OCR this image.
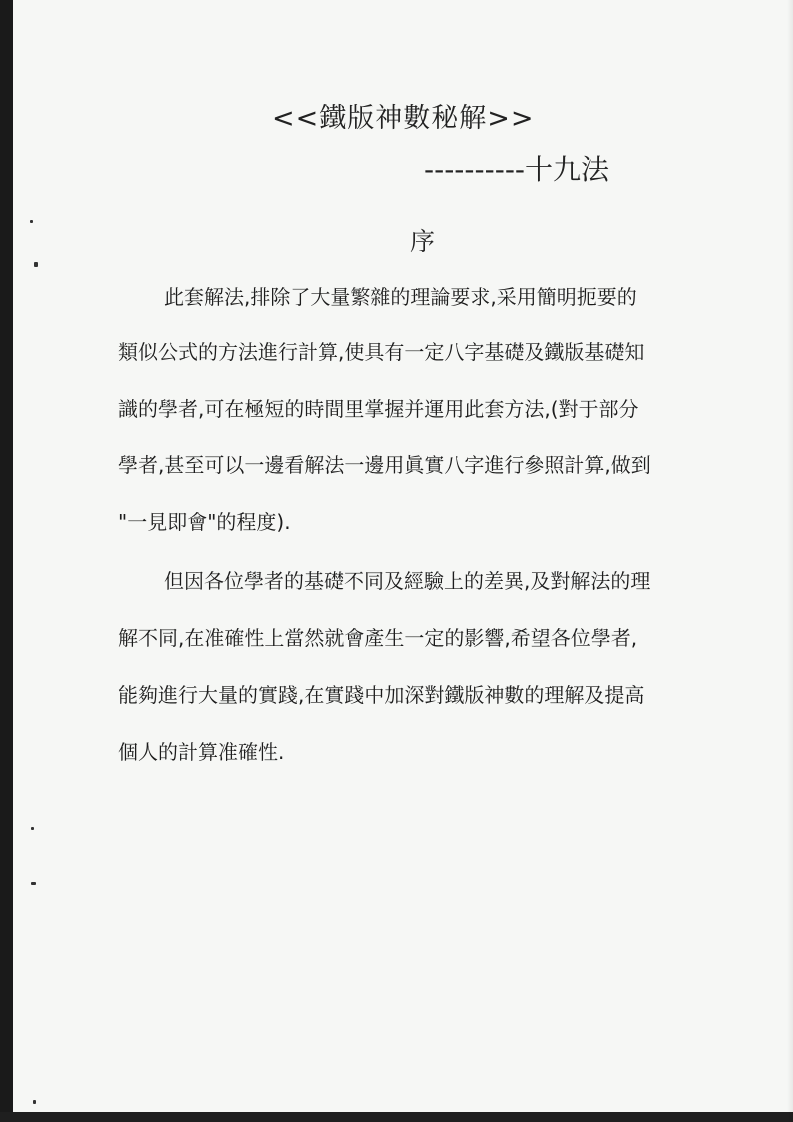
<<鐵版神數秘解>>
----------十九法
序
此套解法,排除了大量繁雜的理論要求,采用簡明扼要的
類似公式的方法進行計算,使具有一定八字基礎及鐵版基礎知
識的學者,可在極短的時間里掌握并運用此套方法,(對于部分
學者,甚至可以一邊看解法一邊用眞實八字進行參照計算,做到
"一見即會"的程度).
但因各位學者的基礎不同及經驗上的差異,及對解法的理
解不同,在准確性上當然就會產生一定的影響,希望各位學者,
能夠進行大量的實踐,在實踐中加深對鐵版神數的理解及提高
個人的計算准確性.
